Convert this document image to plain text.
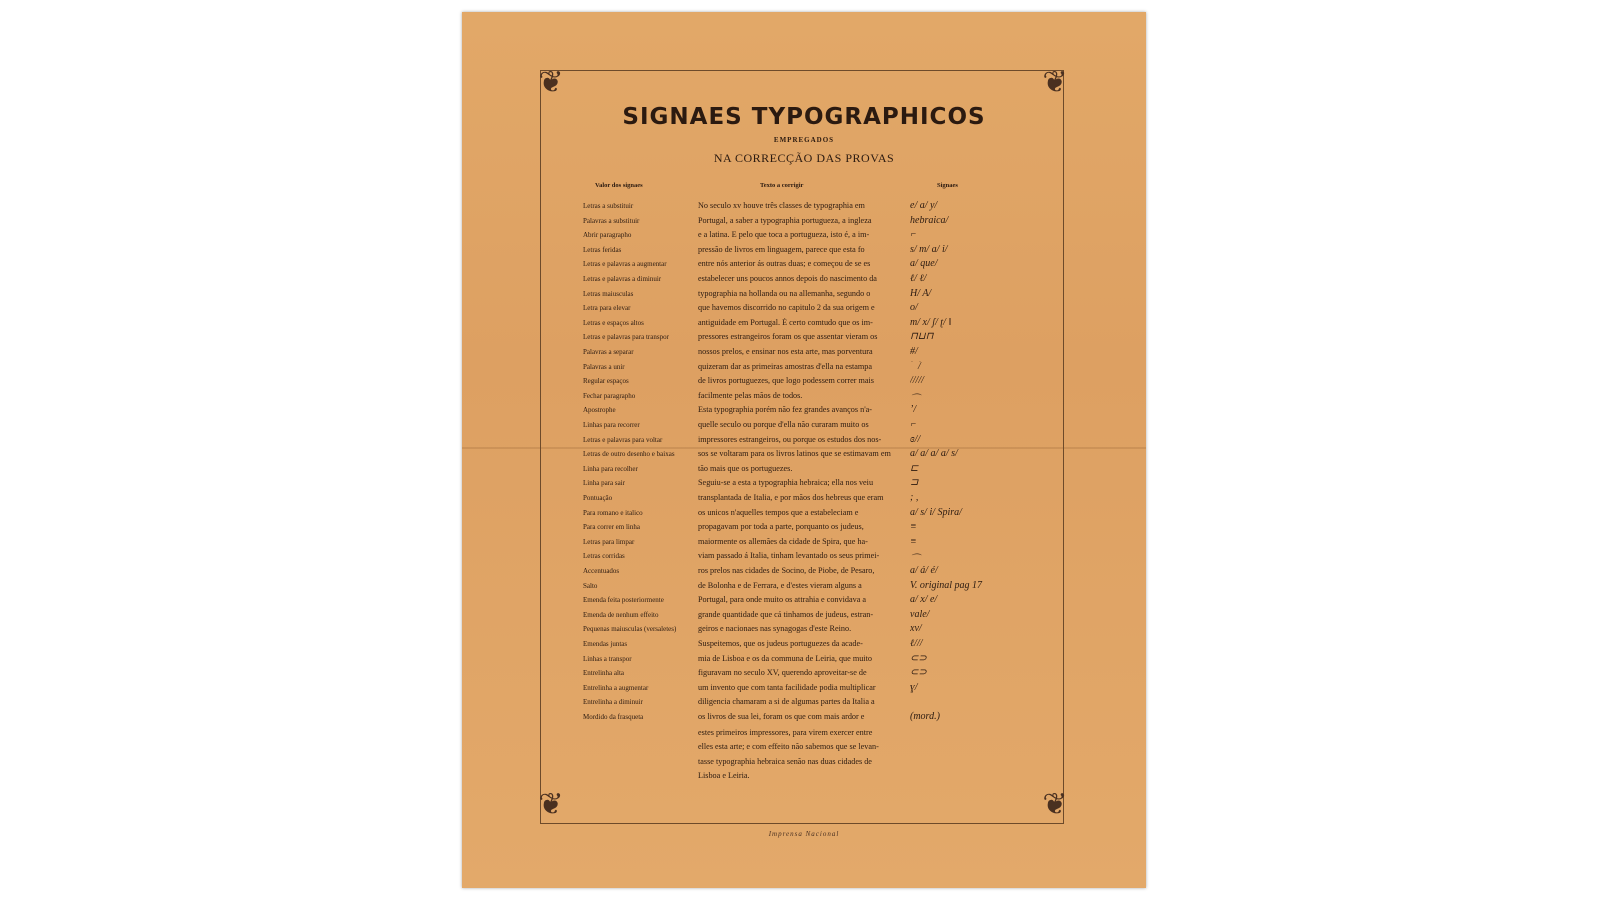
❦	❦
❦	❦
SIGNAES TYPOGRAPHICOS
EMPREGADOS
NA CORRECÇÃO DAS PROVAS
Valor dos signaes	Texto a corrigir	Signaes
Letras a substituir	No seculo xv houve três classes de typographia em	e/ a/ y/
Palavras a substituir	Portugal, a saber a typographia portugueza, a ingleza	hebraica/
Abrir paragrapho	e a latina. E pelo que toca a portugueza, isto é, a im-	⌐
Letras feridas	pressão de livros em linguagem, parece que esta fo	s/ m/ a/ i/
Letras e palavras a augmentar	entre nós anterior ás outras duas; e começou de se es	a/ que/
Letras e palavras a diminuir	estabelecer uns poucos annos depois do nascimento da	ℓ/ ℓ/
Letras maiusculas	typographia na hollanda ou na allemanha, segundo o	H/ A/
Letra para elevar	que havemos discorrido no capitulo 2 da sua origem e	o/
Letras e espaços altos	antiguidade em Portugal. É certo comtudo que os im-	m/ x/ ʃ/ ʈ/ ǁ
Letras e palavras para transpor	pressores estrangeiros foram os que assentar vieram os	⊓⊔⊓
Palavras a separar	nossos prelos, e ensinar nos esta arte, mas porventura	#/
Palavras a unir	quizeram dar as primeiras amostras d'ella na estampa	⁀/
Regular espaços	de livros portuguezes, que logo podessem correr mais	/////
Fechar paragrapho	facilmente pelas mãos de todos.	⌒
Apostrophe	Esta typographia porém não fez grandes avanços n'a-	ʼ/
Linhas para recorrer	quelle seculo ou porque d'ella não curaram muito os	⌐
Letras e palavras para voltar	impressores estrangeiros, ou porque os estudos dos nos-	ɞ//
Letras de outro desenho e baixas	sos se voltaram para os livros latinos que se estimavam em	a/ a/ a/ a/ s/
Linha para recolher	tão mais que os portuguezes.	⊏
Linha para sair	Seguiu-se a esta a typographia hebraica; ella nos veiu	⊐
Pontuação	transplantada de Italia, e por mãos dos hebreus que eram	; ,
Para romano e italico	os unicos n'aquelles tempos que a estabeleciam e	a/ s/ i/ Spira/
Para correr em linha	propagavam por toda a parte, porquanto os judeus,	≡
Letras para limpar	maiormente os allemães da cidade de Spira, que ha-	≡
Letras corridas	viam passado á Italia, tinham levantado os seus primei-	⌒
Accentuados	ros prelos nas cidades de Socino, de Piobe, de Pesaro,	a/ á/ é/
Salto	de Bolonha e de Ferrara, e d'estes vieram alguns a	V. original pag 17
Emenda feita posteriormente	Portugal, para onde muito os attrahia e convidava a	a/ x/ e/
Emenda de nenhum effeito	grande quantidade que cá tinhamos de judeus, estran-	vale/
Pequenas maiusculas (versaletes)	geiros e nacionaes nas synagogas d'este Reino.	xv/
Emendas juntas	Suspeitemos, que os judeus portuguezes da acade-	ℓ///
Linhas a transpor	mia de Lisboa e os da communa de Leiria, que muito	⊂⊃
Entrelinha alta	figuravam no seculo XV, querendo aproveitar-se de	⊂⊃
Entrelinha a augmentar	um invento que com tanta facilidade podia multiplicar	ɣ/
Entrelinha a diminuir	diligencia chamaram a si de algumas partes da Italia a
Mordido da frasqueta	os livros de sua lei, foram os que com mais ardor e	(mord.)
estes primeiros impressores, para virem exercer entre
elles esta arte; e com effeito não sabemos que se levan-
tasse typographia hebraica senão nas duas cidades de
Lisboa e Leiria.
Imprensa Nacional
